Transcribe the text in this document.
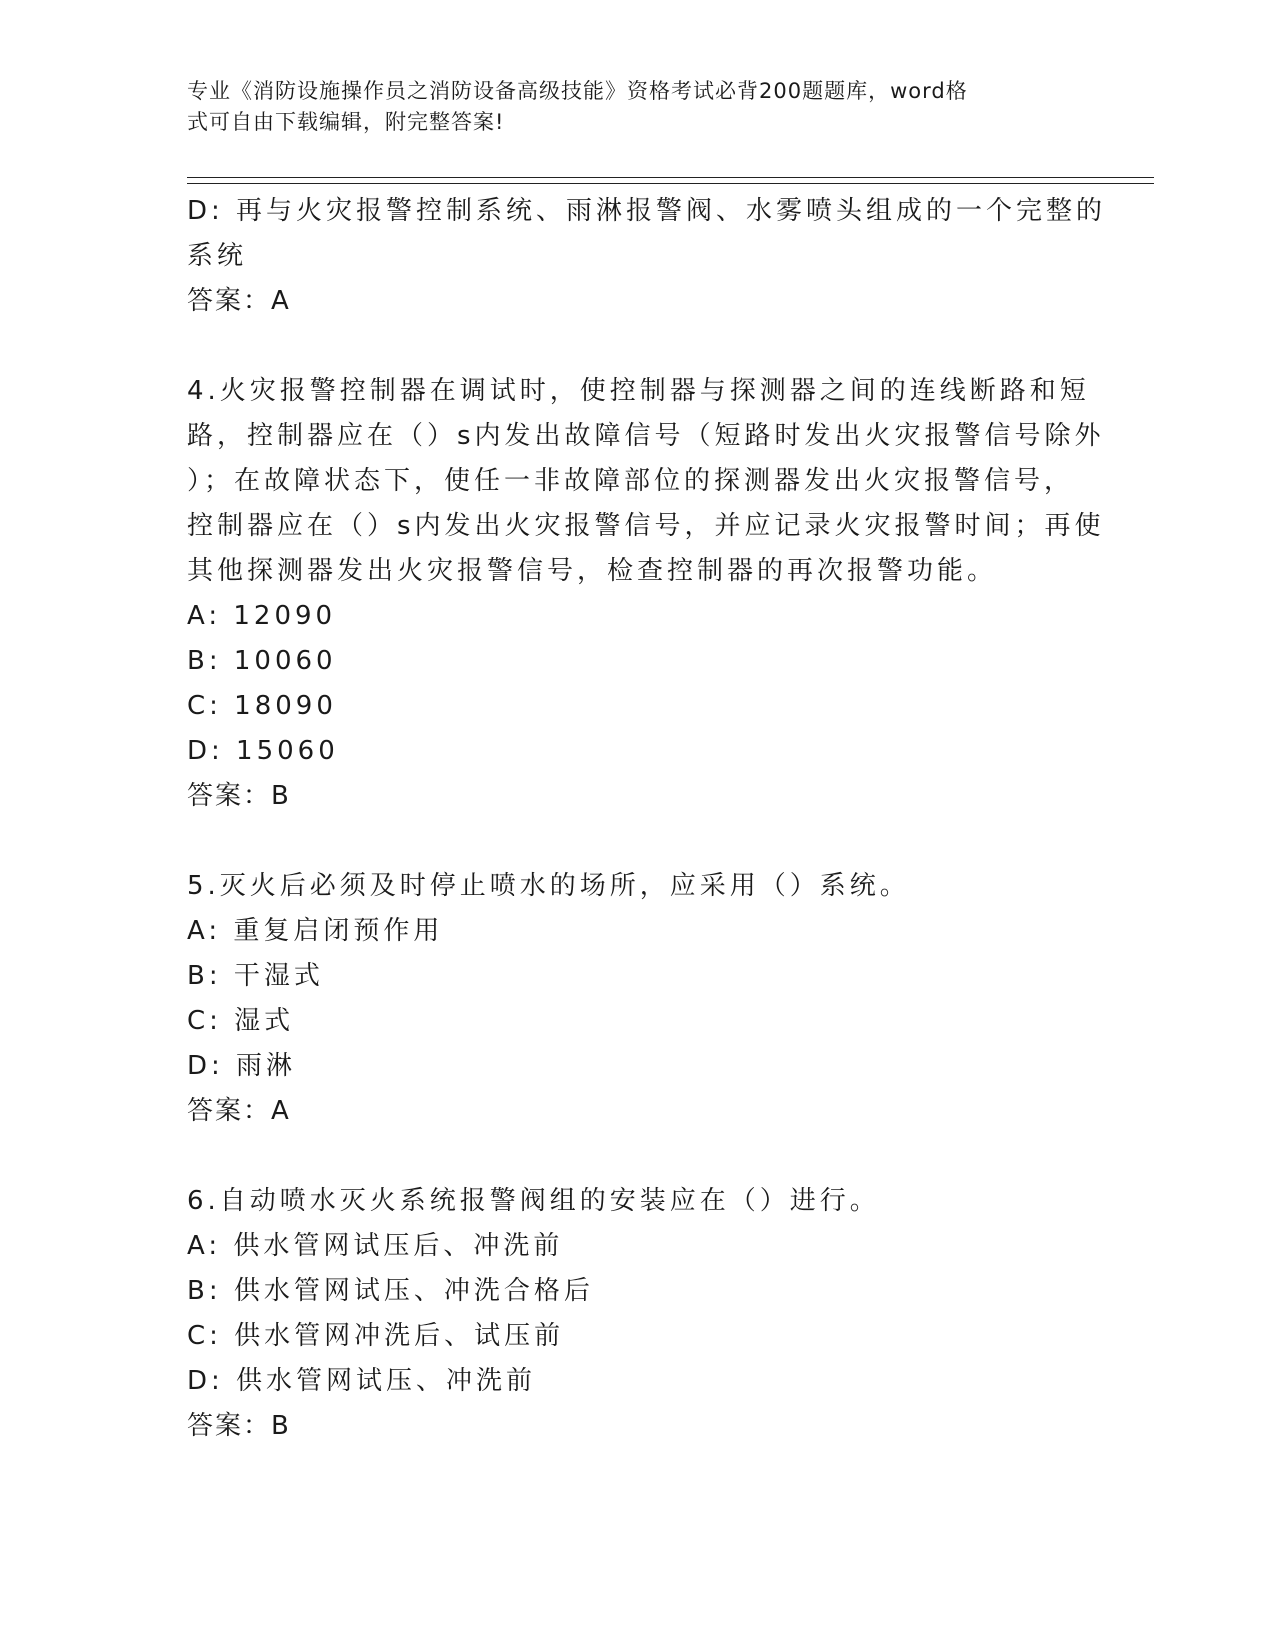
专业《消防设施操作员之消防设备高级技能》资格考试必背200题题库，word格
式可自由下载编辑，附完整答案!
D: 再与火灾报警控制系统、雨淋报警阀、水雾喷头组成的一个完整的
系统
答案：A
4.火灾报警控制器在调试时，使控制器与探测器之间的连线断路和短
路，控制器应在（）s内发出故障信号（短路时发出火灾报警信号除外
）；在故障状态下，使任一非故障部位的探测器发出火灾报警信号，
控制器应在（）s内发出火灾报警信号，并应记录火灾报警时间；再使
其他探测器发出火灾报警信号，检查控制器的再次报警功能。
A: 12090
B: 10060
C: 18090
D: 15060
答案：B
5.灭火后必须及时停止喷水的场所，应采用（）系统。
A: 重复启闭预作用
B: 干湿式
C: 湿式
D: 雨淋
答案：A
6.自动喷水灭火系统报警阀组的安装应在（）进行。
A: 供水管网试压后、冲洗前
B: 供水管网试压、冲洗合格后
C: 供水管网冲洗后、试压前
D: 供水管网试压、冲洗前
答案：B
